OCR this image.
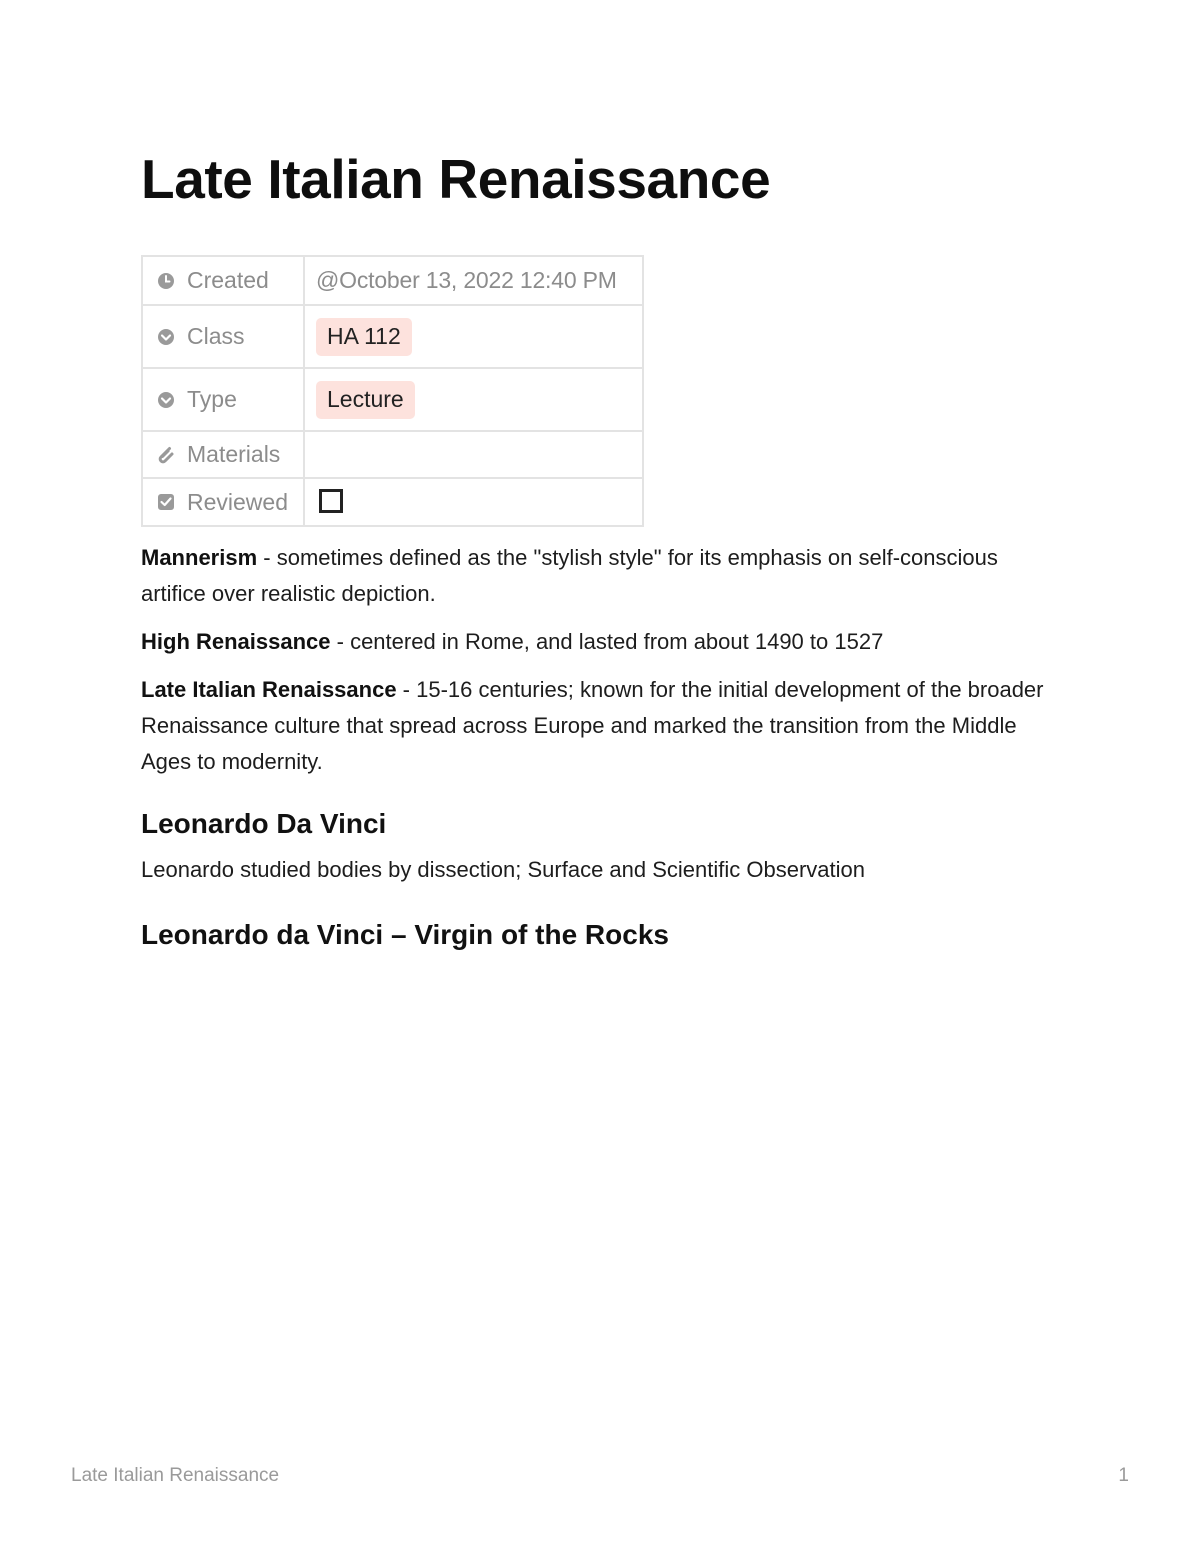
Late Italian Renaissance
Created	@October 13, 2022 12:40 PM

Class	HA 112

Type	Lecture

Materials	

Reviewed	

Mannerism - sometimes defined as the "stylish style" for its emphasis on self-conscious artifice over realistic depiction.

High Renaissance - centered in Rome, and lasted from about 1490 to 1527

Late Italian Renaissance - 15-16 centuries; known for the initial development of the broader Renaissance culture that spread across Europe and marked the transition from the Middle Ages to modernity.

Leonardo Da Vinci
Leonardo studied bodies by dissection; Surface and Scientific Observation
Leonardo da Vinci – Virgin of the Rocks
Late Italian Renaissance	1
